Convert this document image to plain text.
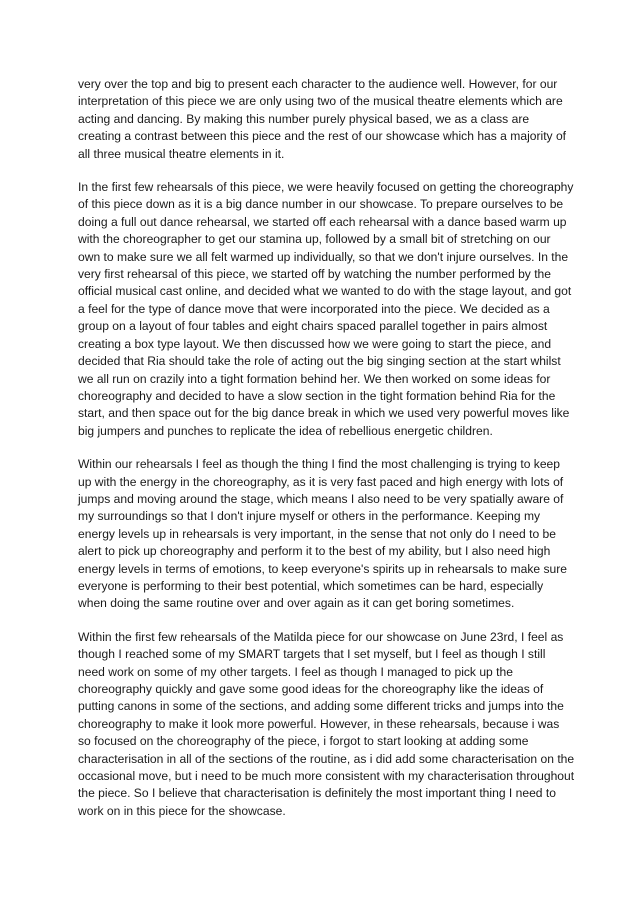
very over the top and big to present each character to the audience well. However, for our
interpretation of this piece we are only using two of the musical theatre elements which are
acting and dancing. By making this number purely physical based, we as a class are
creating a contrast between this piece and the rest of our showcase which has a majority of
all three musical theatre elements in it.

In the first few rehearsals of this piece, we were heavily focused on getting the choreography
of this piece down as it is a big dance number in our showcase. To prepare ourselves to be
doing a full out dance rehearsal, we started off each rehearsal with a dance based warm up
with the choreographer to get our stamina up, followed by a small bit of stretching on our
own to make sure we all felt warmed up individually, so that we don't injure ourselves. In the
very first rehearsal of this piece, we started off by watching the number performed by the
official musical cast online, and decided what we wanted to do with the stage layout, and got
a feel for the type of dance move that were incorporated into the piece. We decided as a
group on a layout of four tables and eight chairs spaced parallel together in pairs almost
creating a box type layout. We then discussed how we were going to start the piece, and
decided that Ria should take the role of acting out the big singing section at the start whilst
we all run on crazily into a tight formation behind her. We then worked on some ideas for
choreography and decided to have a slow section in the tight formation behind Ria for the
start, and then space out for the big dance break in which we used very powerful moves like
big jumpers and punches to replicate the idea of rebellious energetic children.

Within our rehearsals I feel as though the thing I find the most challenging is trying to keep
up with the energy in the choreography, as it is very fast paced and high energy with lots of
jumps and moving around the stage, which means I also need to be very spatially aware of
my surroundings so that I don't injure myself or others in the performance. Keeping my
energy levels up in rehearsals is very important, in the sense that not only do I need to be
alert to pick up choreography and perform it to the best of my ability, but I also need high
energy levels in terms of emotions, to keep everyone's spirits up in rehearsals to make sure
everyone is performing to their best potential, which sometimes can be hard, especially
when doing the same routine over and over again as it can get boring sometimes.

Within the first few rehearsals of the Matilda piece for our showcase on June 23rd, I feel as
though I reached some of my SMART targets that I set myself, but I feel as though I still
need work on some of my other targets. I feel as though I managed to pick up the
choreography quickly and gave some good ideas for the choreography like the ideas of
putting canons in some of the sections, and adding some different tricks and jumps into the
choreography to make it look more powerful. However, in these rehearsals, because i was
so focused on the choreography of the piece, i forgot to start looking at adding some
characterisation in all of the sections of the routine, as i did add some characterisation on the
occasional move, but i need to be much more consistent with my characterisation throughout
the piece. So I believe that characterisation is definitely the most important thing I need to
work on in this piece for the showcase.
